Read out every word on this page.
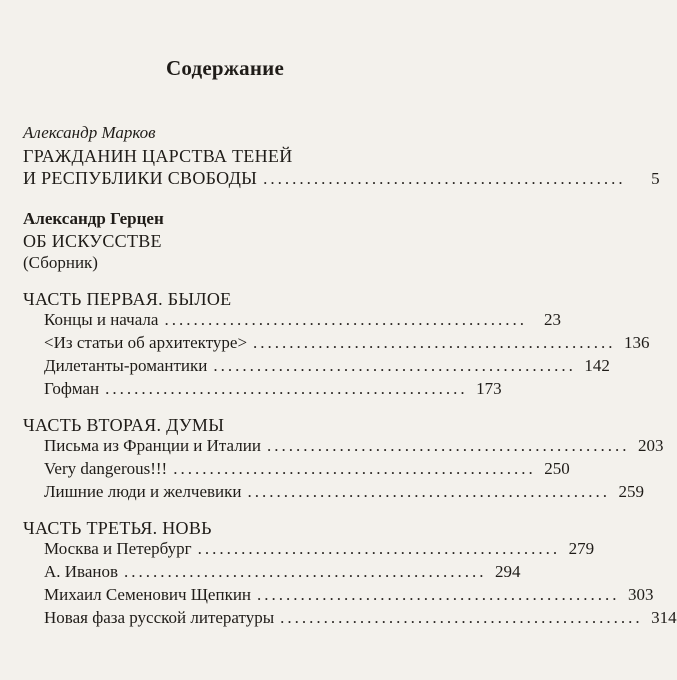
Содержание
Александр Марков
ГРАЖДАНИН ЦАРСТВА ТЕНЕЙ
И РЕСПУБЛИКИ СВОБОДЫ ..................................................	5
Александр Герцен
ОБ ИСКУССТВЕ
(Сборник)
ЧАСТЬ ПЕРВАЯ. БЫЛОЕ
Концы и начала ..................................................	23
<Из статьи об архитектуре> .................................................. 136
Дилетанты-романтики .................................................. 142
Гофман .................................................. 173
ЧАСТЬ ВТОРАЯ. ДУМЫ
Письма из Франции и Италии .................................................. 203
Very dangerous!!! .................................................. 250
Лишние люди и желчевики .................................................. 259
ЧАСТЬ ТРЕТЬЯ. НОВЬ
Москва и Петербург .................................................. 279
А. Иванов .................................................. 294
Михаил Семенович Щепкин .................................................. 303
Новая фаза русской литературы .................................................. 314
